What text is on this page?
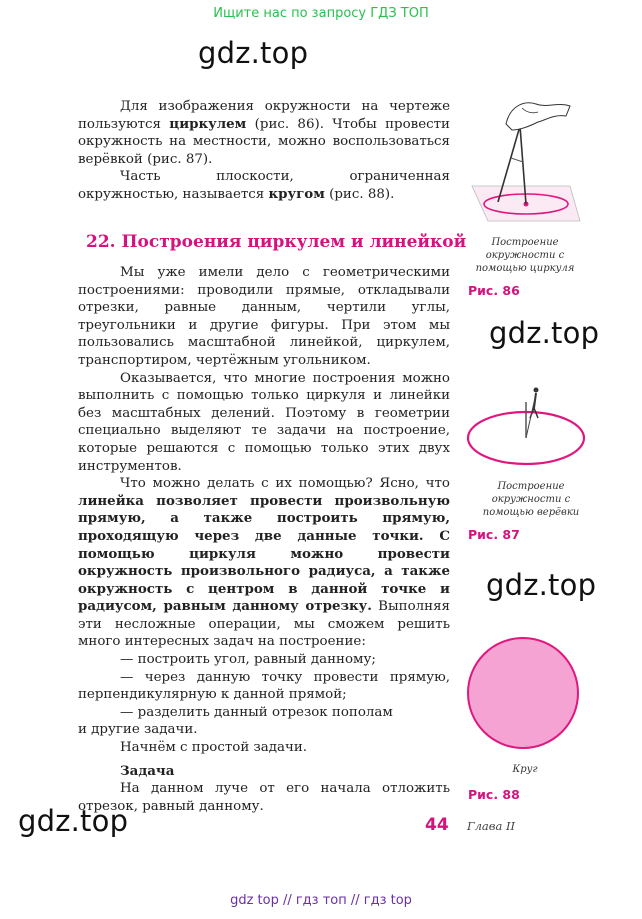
Ищите нас по запросу ГДЗ ТОП
gdz.top
gdz.top
gdz.top
gdz.top

Для изображения окружности на чертеже пользуются циркулем (рис. 86). Чтобы провести окружность на местности, можно воспользоваться верёвкой (рис. 87).

Часть плоскости, ограниченная окружностью, называется кругом (рис. 88).

22. Построения циркулем и линейкой

Мы уже имели дело с геометрическими построениями: проводили прямые, откладывали отрезки, равные данным, чертили углы, треугольники и другие фигуры. При этом мы пользовались масштабной линейкой, циркулем, транспортиром, чертёжным угольником.

Оказывается, что многие построения можно выполнить с помощью только циркуля и линейки без масштабных делений. Поэтому в геометрии специально выделяют те задачи на построение, которые решаются с помощью только этих двух инструментов.

Что можно делать с их помощью? Ясно, что линейка позволяет провести произвольную прямую, а также построить прямую, проходящую через две данные точки. С помощью циркуля можно провести окружность произвольного радиуса, а также окружность с центром в данной точке и радиусом, равным данному отрезку. Выполняя эти несложные операции, мы сможем решить много интересных задач на построение:

— построить угол, равный данному;

— через данную точку провести прямую, перпендикулярную к данной прямой;

— разделить данный отрезок пополам

и другие задачи.

Начнём с простой задачи.

Задача

На данном луче от его начала отложить отрезок, равный данному.

Построение окружности с помощью циркуля
Рис. 86
Построение окружности с помощью верёвки
Рис. 87
Круг
Рис. 88
44 Глава II
gdz top // гдз топ // гдз top
